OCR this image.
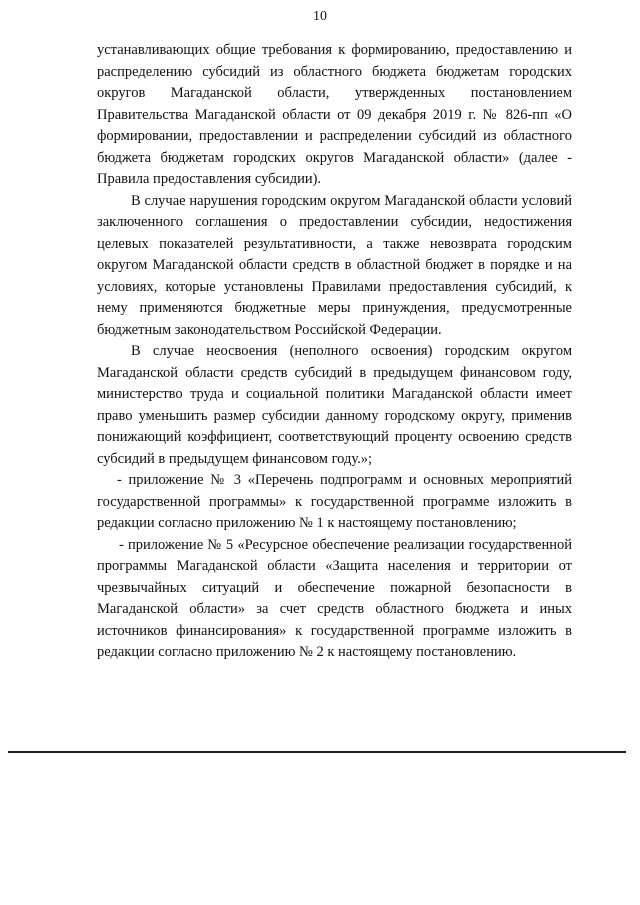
10

устанавливающих общие требования к формированию, предоставлению и распределению субсидий из областного бюджета бюджетам городских округов Магаданской области, утвержденных постановлением Правительства Магаданской области от 09 декабря 2019 г. № 826-пп «О формировании, предоставлении и распределении субсидий из областного бюджета бюджетам городских округов Магаданской области» (далее - Правила предоставления субсидии).

В случае нарушения городским округом Магаданской области условий заключенного соглашения о предоставлении субсидии, недостижения целевых показателей результативности, а также невозврата городским округом Магаданской области средств в областной бюджет в порядке и на условиях, которые установлены Правилами предоставления субсидий, к нему применяются бюджетные меры принуждения, предусмотренные бюджетным законодательством Российской Федерации.

В случае неосвоения (неполного освоения) городским округом Магаданской области средств субсидий в предыдущем финансовом году, министерство труда и социальной политики Магаданской области имеет право уменьшить размер субсидии данному городскому округу, применив понижающий коэффициент, соответствующий проценту освоению средств субсидий в предыдущем финансовом году.»;

- приложение № 3 «Перечень подпрограмм и основных мероприятий государственной программы» к государственной программе изложить в редакции согласно приложению № 1 к настоящему постановлению;

- приложение № 5 «Ресурсное обеспечение реализации государственной программы Магаданской области «Защита населения и территории от чрезвычайных ситуаций и обеспечение пожарной безопасности в Магаданской области» за счет средств областного бюджета и иных источников финансирования» к государственной программе изложить в редакции согласно приложению № 2 к настоящему постановлению.
